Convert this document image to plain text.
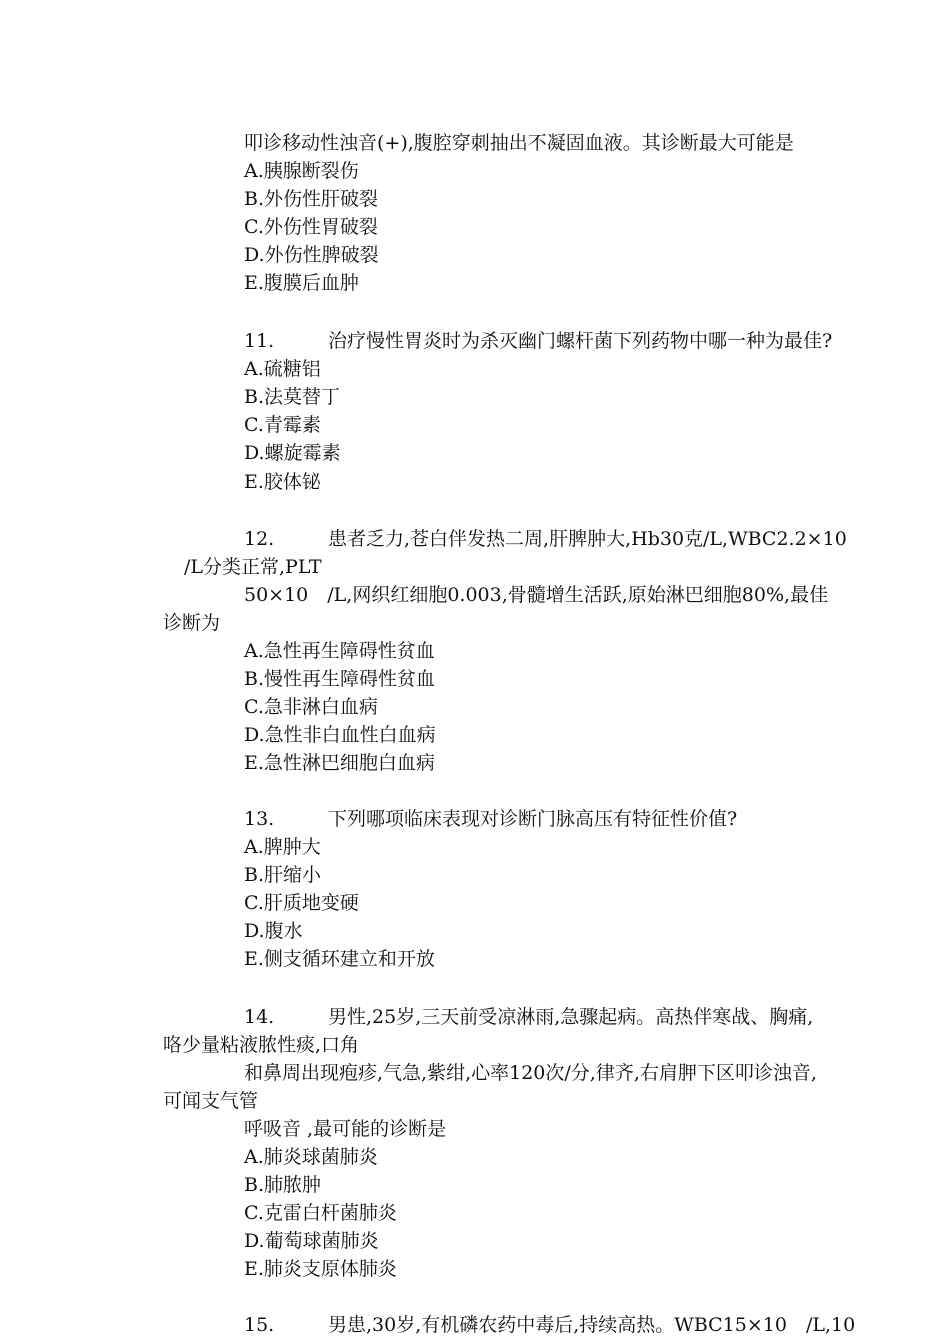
叩诊移动性浊音(+),腹腔穿刺抽出不凝固血液。其诊断最大可能是
A.胰腺断裂伤
B.外伤性肝破裂
C.外伤性胃破裂
D.外伤性脾破裂
E.腹膜后血肿
11.	治疗慢性胃炎时为杀灭幽门螺杆菌下列药物中哪一种为最佳?
A.硫糖铝
B.法莫替丁
C.青霉素
D.螺旋霉素
E.胶体铋
12.	患者乏力,苍白伴发热二周,肝脾肿大,Hb30克/L,WBC2.2×10
/L分类正常,PLT
50×10　/L,网织红细胞0.003,骨髓增生活跃,原始淋巴细胞80%,最佳
诊断为
A.急性再生障碍性贫血
B.慢性再生障碍性贫血
C.急非淋白血病
D.急性非白血性白血病
E.急性淋巴细胞白血病
13.	下列哪项临床表现对诊断门脉高压有特征性价值?
A.脾肿大
B.肝缩小
C.肝质地变硬
D.腹水
E.侧支循环建立和开放
14.	男性,25岁,三天前受凉淋雨,急骤起病。高热伴寒战、胸痛,
咯少量粘液脓性痰,口角
和鼻周出现疱疹,气急,紫绀,心率120次/分,律齐,右肩胛下区叩诊浊音,
可闻支气管
呼吸音 ,最可能的诊断是
A.肺炎球菌肺炎
B.肺脓肿
C.克雷白杆菌肺炎
D.葡萄球菌肺炎
E.肺炎支原体肺炎
15.	男患,30岁,有机磷农药中毒后,持续高热。WBC15×10　/L,10
